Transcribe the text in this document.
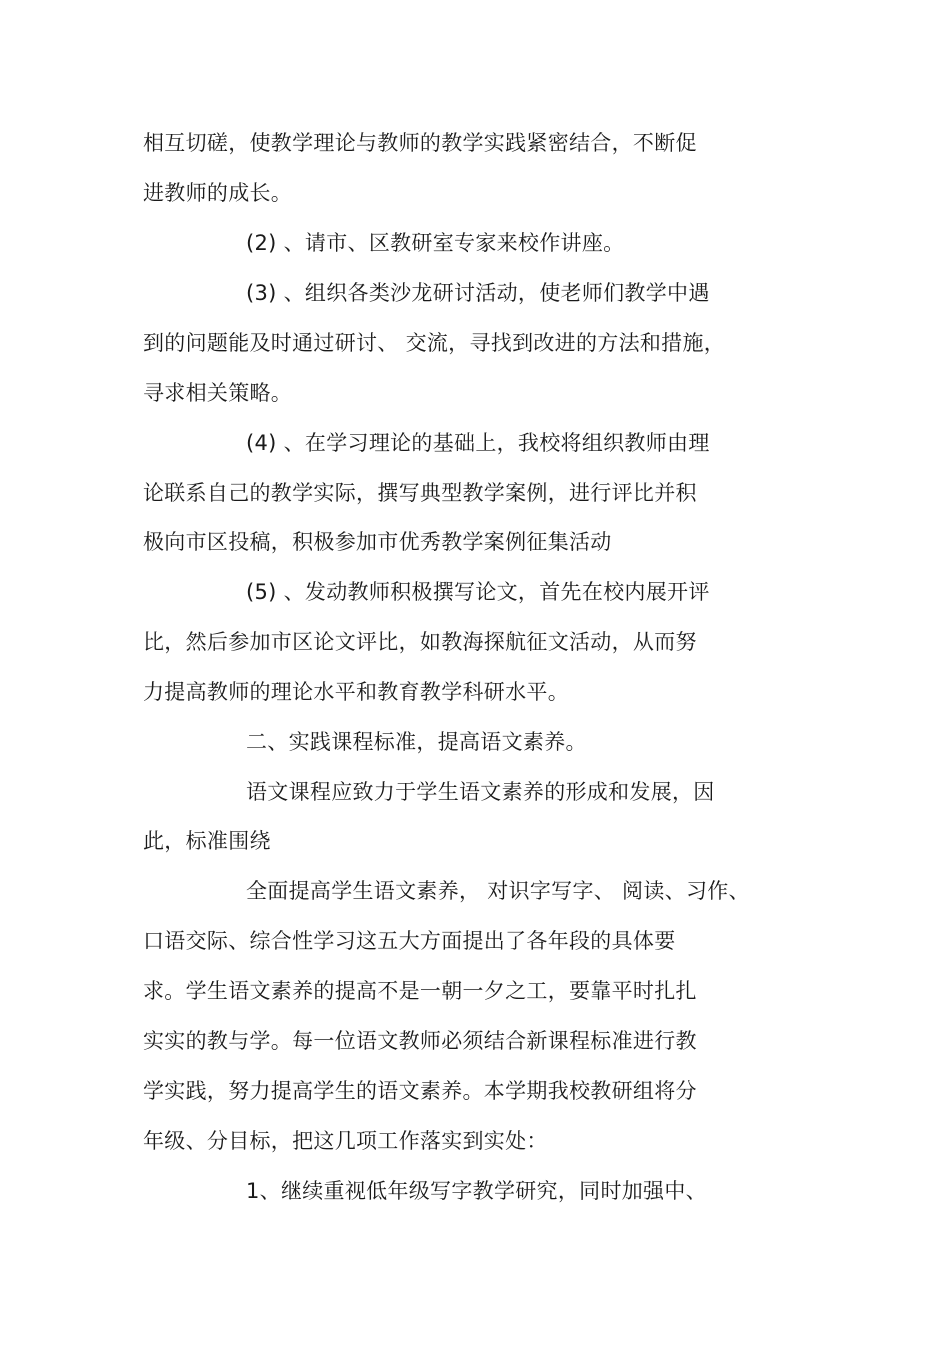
相互切磋，使教学理论与教师的教学实践紧密结合，不断促
进教师的成长。
(2) 、请市、区教研室专家来校作讲座。
(3) 、组织各类沙龙研讨活动，使老师们教学中遇
到的问题能及时通过研讨、 交流，寻找到改进的方法和措施，
寻求相关策略。
(4) 、在学习理论的基础上，我校将组织教师由理
论联系自己的教学实际，撰写典型教学案例，进行评比并积
极向市区投稿，积极参加市优秀教学案例征集活动
(5) 、发动教师积极撰写论文，首先在校内展开评
比，然后参加市区论文评比，如教海探航征文活动，从而努
力提高教师的理论水平和教育教学科研水平。
二、实践课程标准，提高语文素养。
语文课程应致力于学生语文素养的形成和发展，因
此，标准围绕
全面提高学生语文素养， 对识字写字、 阅读、习作、
口语交际、综合性学习这五大方面提出了各年段的具体要
求。学生语文素养的提高不是一朝一夕之工，要靠平时扎扎
实实的教与学。每一位语文教师必须结合新课程标准进行教
学实践，努力提高学生的语文素养。本学期我校教研组将分
年级、分目标，把这几项工作落实到实处：
1、继续重视低年级写字教学研究，同时加强中、
